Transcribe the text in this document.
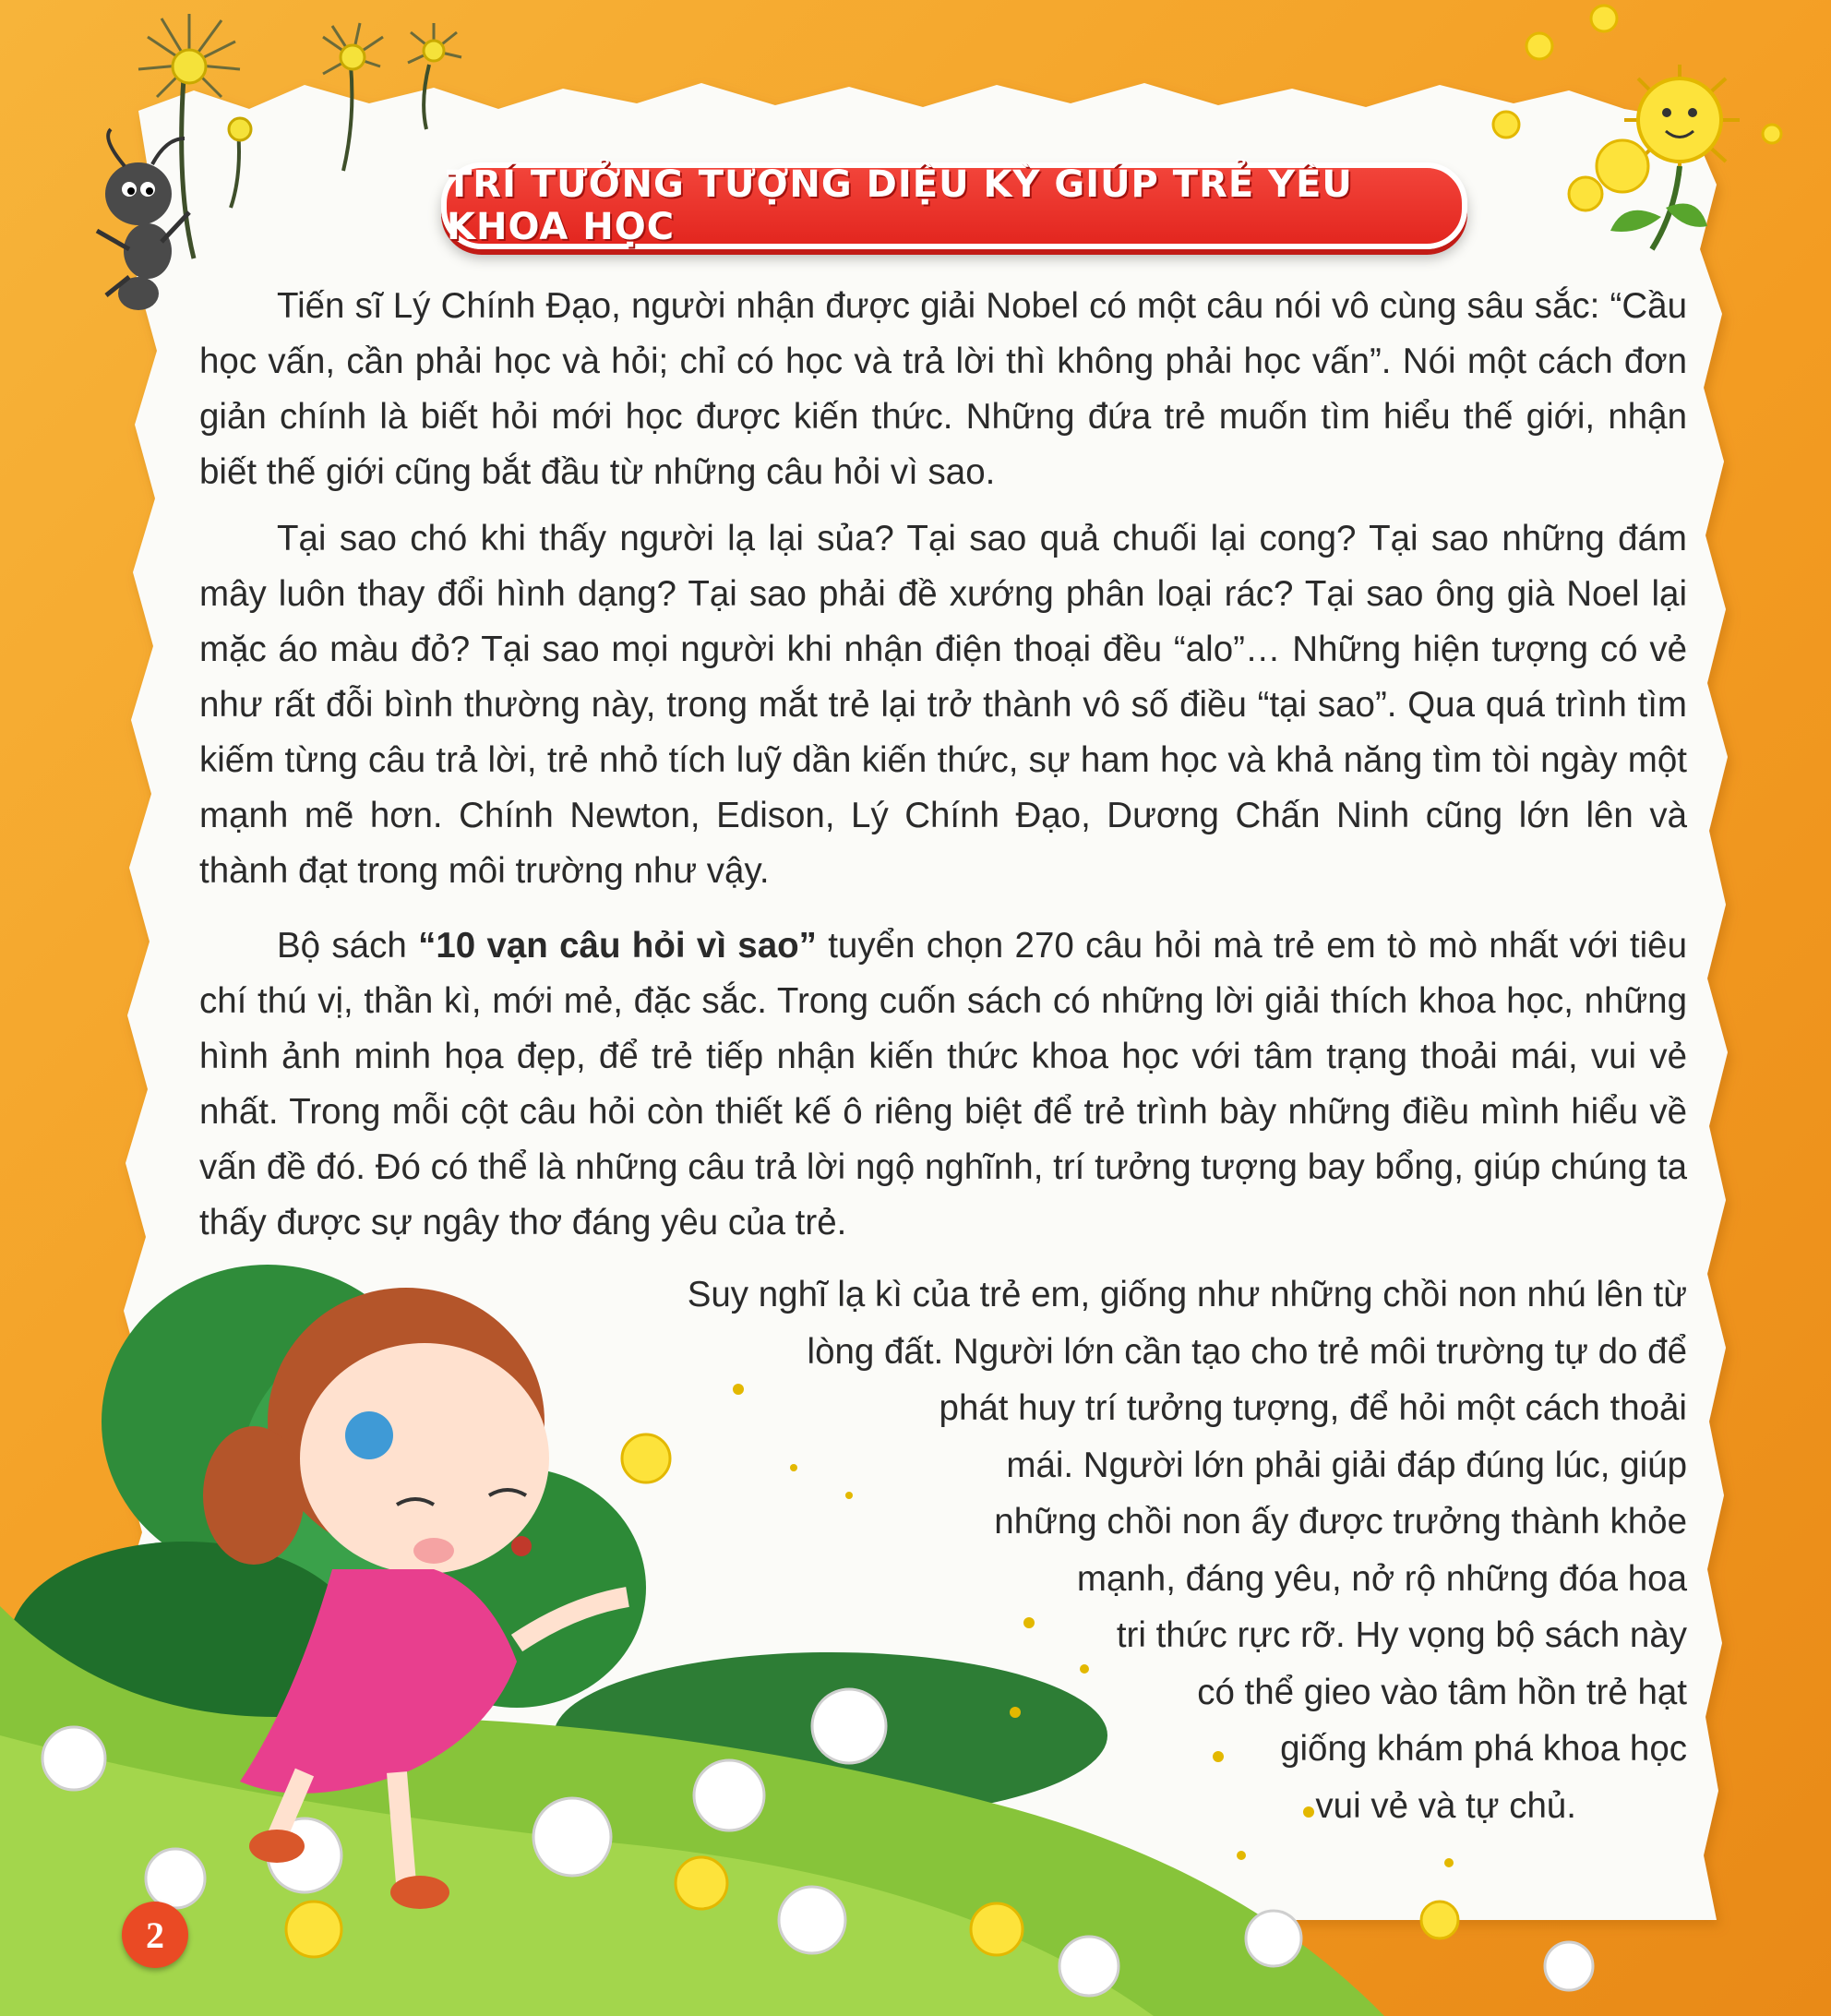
TRÍ TƯỞNG TƯỢNG DIỆU KỲ GIÚP TRẺ YÊU KHOA HỌC

Tiến sĩ Lý Chính Đạo, người nhận được giải Nobel có một câu nói vô cùng sâu sắc: “Cầu học vấn, cần phải học và hỏi; chỉ có học và trả lời thì không phải học vấn”. Nói một cách đơn giản chính là biết hỏi mới học được kiến thức. Những đứa trẻ muốn tìm hiểu thế giới, nhận biết thế giới cũng bắt đầu từ những câu hỏi vì sao.

Tại sao chó khi thấy người lạ lại sủa? Tại sao quả chuối lại cong? Tại sao những đám mây luôn thay đổi hình dạng? Tại sao phải đề xướng phân loại rác? Tại sao ông già Noel lại mặc áo màu đỏ? Tại sao mọi người khi nhận điện thoại đều “alo”… Những hiện tượng có vẻ như rất đỗi bình thường này, trong mắt trẻ lại trở thành vô số điều “tại sao”. Qua quá trình tìm kiếm từng câu trả lời, trẻ nhỏ tích luỹ dần kiến thức, sự ham học và khả năng tìm tòi ngày một mạnh mẽ hơn. Chính Newton, Edison, Lý Chính Đạo, Dương Chấn Ninh cũng lớn lên và thành đạt trong môi trường như vậy.

Bộ sách “10 vạn câu hỏi vì sao” tuyển chọn 270 câu hỏi mà trẻ em tò mò nhất với tiêu chí thú vị, thần kì, mới mẻ, đặc sắc. Trong cuốn sách có những lời giải thích khoa học, những hình ảnh minh họa đẹp, để trẻ tiếp nhận kiến thức khoa học với tâm trạng thoải mái, vui vẻ nhất. Trong mỗi cột câu hỏi còn thiết kế ô riêng biệt để trẻ trình bày những điều mình hiểu về vấn đề đó. Đó có thể là những câu trả lời ngộ nghĩnh, trí tưởng tượng bay bổng, giúp chúng ta thấy được sự ngây thơ đáng yêu của trẻ.

Suy nghĩ lạ kì của trẻ em, giống như những chồi non nhú lên từ
lòng đất. Người lớn cần tạo cho trẻ môi trường tự do để
phát huy trí tưởng tượng, để hỏi một cách thoải
mái. Người lớn phải giải đáp đúng lúc, giúp
những chồi non ấy được trưởng thành khỏe
mạnh, đáng yêu, nở rộ những đóa hoa
tri thức rực rỡ. Hy vọng bộ sách này
có thể gieo vào tâm hồn trẻ hạt
giống khám phá khoa học
vui vẻ và tự chủ.

2
